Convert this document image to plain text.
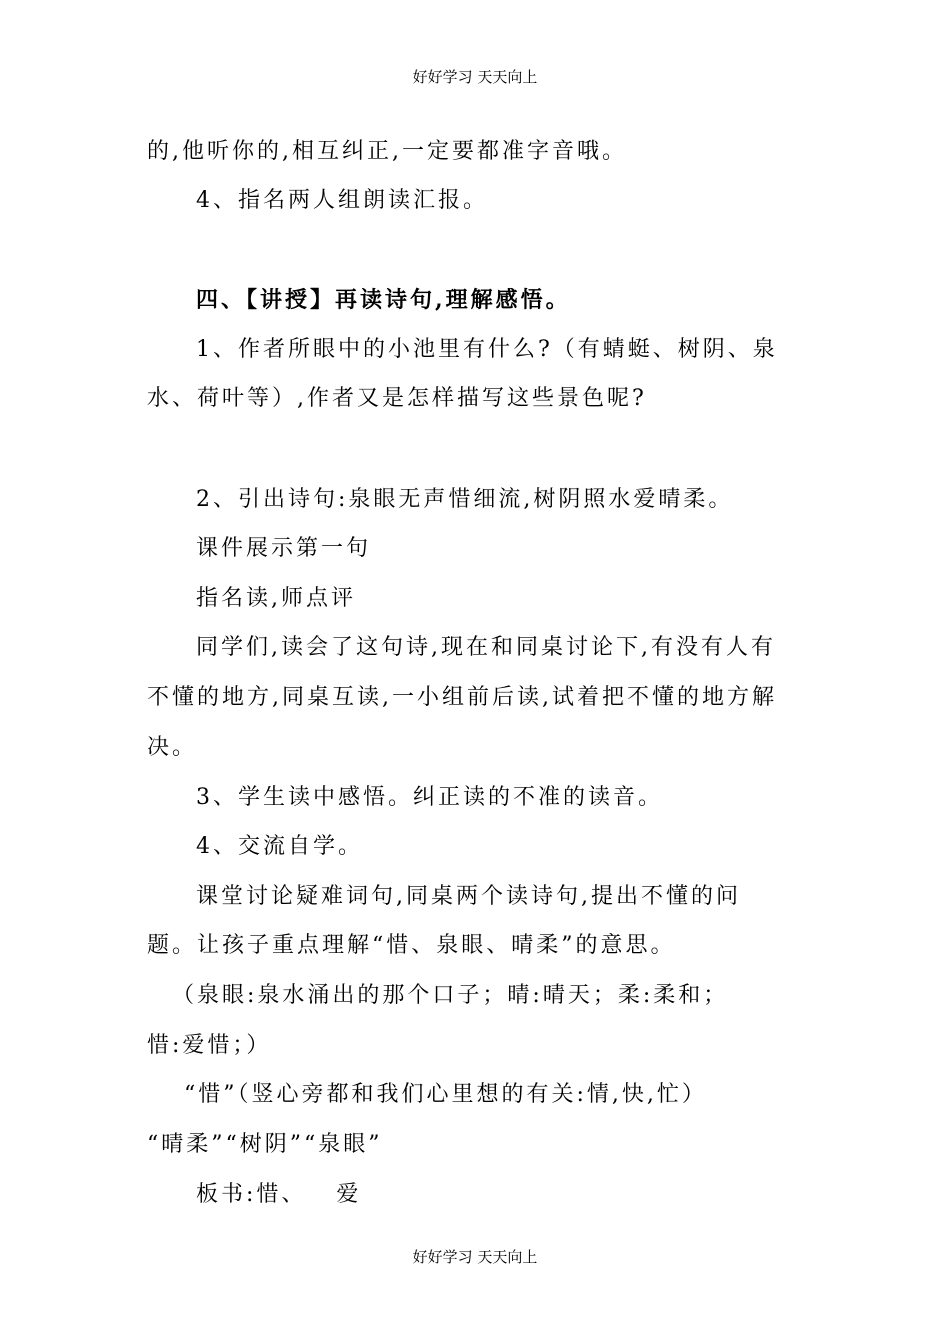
好好学习 天天向上
的,他听你的,相互纠正,一定要都准字音哦。
4、指名两人组朗读汇报。
四、【讲授】再读诗句,理解感悟。
1、作者所眼中的小池里有什么?（有蜻蜓、树阴、泉
水、荷叶等）,作者又是怎样描写这些景色呢?
2、引出诗句:泉眼无声惜细流,树阴照水爱晴柔。
课件展示第一句
指名读,师点评
同学们,读会了这句诗,现在和同桌讨论下,有没有人有
不懂的地方,同桌互读,一小组前后读,试着把不懂的地方解
决。
3、学生读中感悟。纠正读的不准的读音。
4、交流自学。
课堂讨论疑难词句,同桌两个读诗句,提出不懂的问
题。让孩子重点理解“惜、泉眼、晴柔”的意思。
（泉眼:泉水涌出的那个口子；晴:晴天；柔:柔和；
惜:爱惜；）
“惜”（竖心旁都和我们心里想的有关:情,快,忙）
“晴柔”“树阴”“泉眼”
板书:惜、   爱
好好学习 天天向上
